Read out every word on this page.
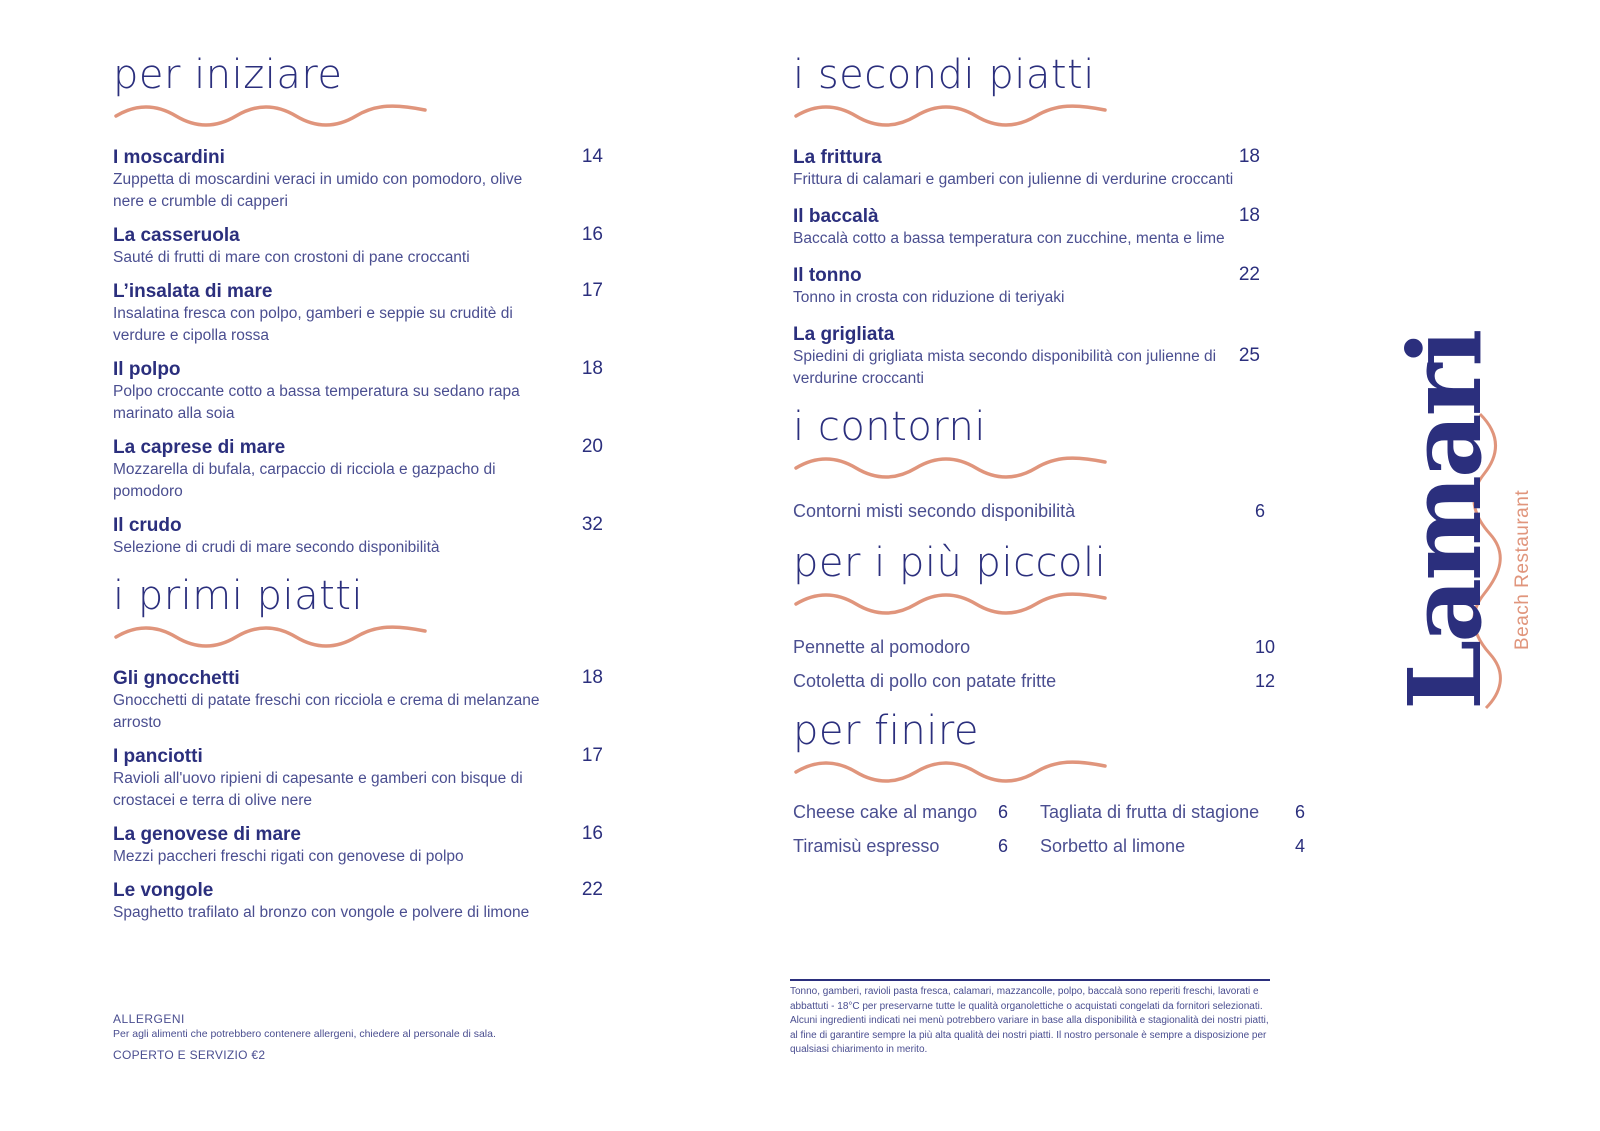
per iniziare
I moscardini
Zuppetta di moscardini veraci in umido con pomodoro, olive nere e crumble di capperi
14
La casseruola
Sauté di frutti di mare con crostoni di pane croccanti
16
L’insalata di mare
Insalatina fresca con polpo, gamberi e seppie su cruditè di verdure e cipolla rossa
17
Il polpo
Polpo croccante cotto a bassa temperatura su sedano rapa marinato alla soia
18
La caprese di mare
Mozzarella di bufala, carpaccio di ricciola e gazpacho di pomodoro
20
Il crudo
Selezione di crudi di mare secondo disponibilità
32
i primi piatti
Gli gnocchetti
Gnocchetti di patate freschi con ricciola e crema di melanzane arrosto
18
I panciotti
Ravioli all'uovo ripieni di capesante e gamberi con bisque di crostacei e terra di olive nere
17
La genovese di mare
Mezzi paccheri freschi rigati con genovese di polpo
16
Le vongole
Spaghetto trafilato al bronzo con vongole e polvere di limone
22
ALLERGENI
Per agli alimenti che potrebbero contenere allergeni, chiedere al personale di sala.
COPERTO E SERVIZIO €2
i secondi piatti
La frittura
Frittura di calamari e gamberi con julienne di verdurine croccanti
18
Il baccalà
Baccalà cotto a bassa temperatura con zucchine, menta e lime
18
Il tonno
Tonno in crosta con riduzione di teriyaki
22
La grigliata
Spiedini di grigliata mista secondo disponibilità con julienne di verdurine croccanti
25
i contorni
Contorni misti secondo disponibilità	6
per i più piccoli
Pennette al pomodoro	10
Cotoletta di pollo con patate fritte	12
per finire
Cheese cake al mango 6 Tagliata di frutta di stagione 6
Tiramisù espresso	6 Sorbetto al limone	4
Tonno, gamberi, ravioli pasta fresca, calamari, mazzancolle, polpo, baccalà sono reperiti freschi, lavorati e abbattuti - 18°C per preservarne tutte le qualità organolettiche o acquistati congelati da fornitori selezionati. Alcuni ingredienti indicati nei menù potrebbero variare in base alla disponibilità e stagionalità dei nostri piatti, al fine di garantire sempre la più alta qualità dei nostri piatti. Il nostro personale è sempre a disposizione per qualsiasi chiarimento in merito.
Lamari Beach Restaurant
